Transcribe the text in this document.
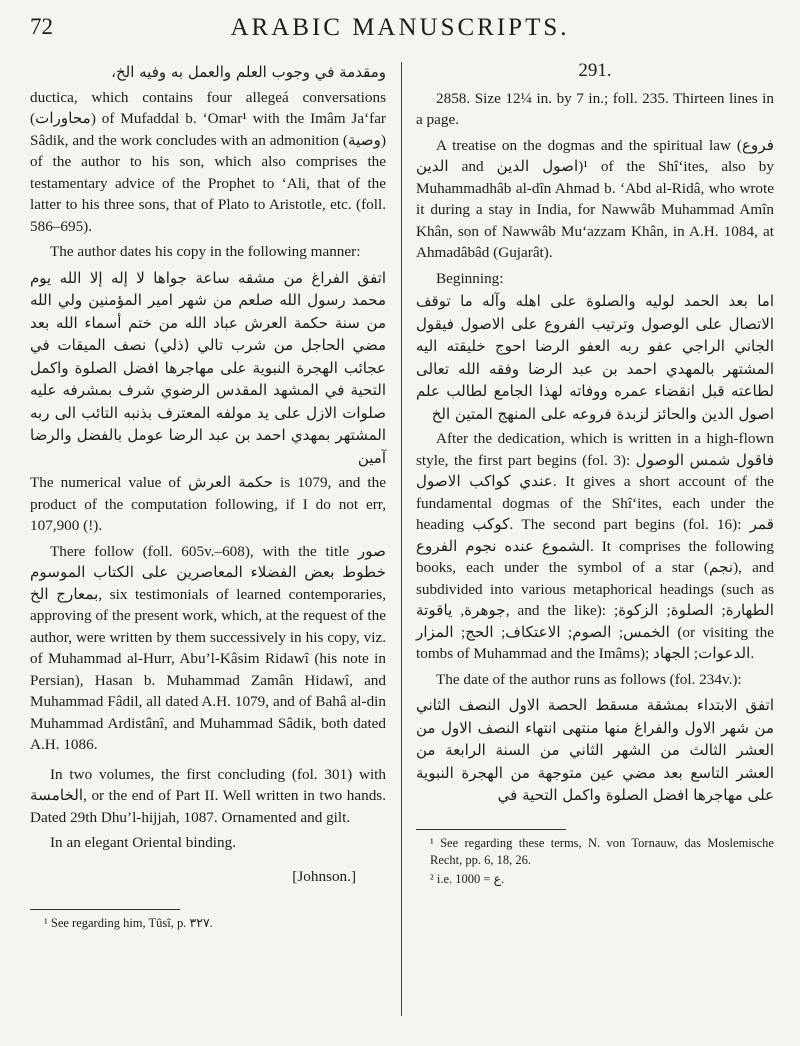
72	ARABIC MANUSCRIPTS.

ومقدمة في وجوب العلم والعمل به وفيه الخ،

ductica, which contains four allegeá conversations (محاورات) of Mufaddal b. ‘Omar¹ with the Imâm Ja‘far Sâdik, and the work concludes with an admonition (وصية) of the author to his son, which also comprises the testamentary advice of the Prophet to ‘Ali, that of the latter to his three sons, that of Plato to Aristotle, etc. (foll. 586–695).

The author dates his copy in the following manner:

اتفق الفراغ من مشقه ساعة جواها لا إله إلا الله يوم محمد رسول الله صلعم من شهر امير المؤمنين ولي الله من سنة حكمة العرش عباد الله من ختم أسماء الله بعد مضي الحاجل من شرب تالي (ذلي) نصف الميقات في عجائب الهجرة النبوية على مهاجرها افضل الصلوة واكمل التحية في المشهد المقدس الرضوي شرف بمشرفه عليه صلوات الازل على يد مولفه المعترف بذنبه التائب الى ربه المشتهر بمهدي احمد بن عبد الرضا عومل بالفضل والرضا آمين

The numerical value of حكمة العرش is 1079, and the product of the computation following, if I do not err, 107,900 (!).

There follow (foll. 605v.–608), with the title صور خطوط بعض الفضلاء المعاصرين على الكتاب الموسوم بمعارج الخ, six testimonials of learned contemporaries, approving of the present work, which, at the request of the author, were written by them successively in his copy, viz. of Muhammad al-Hurr, Abu’l-Kâsim Ridawî (his note in Persian), Hasan b. Muhammad Zamân Hidawî, and Muhammad Fâdil, all dated A.H. 1079, and of Bahâ al-din Muhammad Ardistânî, and Muhammad Sâdik, both dated A.H. 1086.

In two volumes, the first concluding (fol. 301) with الخامسة, or the end of Part II. Well written in two hands. Dated 29th Dhu’l-hijjah, 1087. Ornamented and gilt.

In an elegant Oriental binding.

[Johnson.]

¹ See regarding him, Tûsî, p. ٣٢٧.

291.

2858. Size 12¼ in. by 7 in.; foll. 235. Thirteen lines in a page.

A treatise on the dogmas and the spiritual law (فروع الدين and اصول الدين)¹ of the Shî‘ites, also by Muhammadhâb al-dîn Ahmad b. ‘Abd al-Ridâ, who wrote it during a stay in India, for Nawwâb Muhammad Amîn Khân, son of Nawwâb Mu‘azzam Khân, in A.H. 1084, at Ahmadâbâd (Gujarât).

Beginning:

اما بعد الحمد لوليه والصلوة على اهله وآله ما توقف الاتصال على الوصول وترتيب الفروع على الاصول فيقول الجاني الراجي عفو ربه العفو الرضا احوج خليقته اليه المشتهر بالمهدي احمد بن عبد الرضا وفقه الله تعالى لطاعته قبل انقضاء عمره ووفاته لهذا الجامع لطالب علم اصول الدين والحائز لزبدة فروعه على المنهج المتين الخ

After the dedication, which is written in a high-flown style, the first part begins (fol. 3): فاقول شمس الوصول عندي كواكب الاصول. It gives a short account of the fundamental dogmas of the Shî‘ites, each under the heading كوكب. The second part begins (fol. 16): قمر الشموع عنده نجوم الفروع. It comprises the following books, each under the symbol of a star (نجم), and subdivided into various metaphorical headings (such as جوهرة, ياقوتة, and the like): الطهارة; الصلوة; الزكوة; الخمس; الصوم; الاعتكاف; الحج; المزار (or visiting the tombs of Muhammad and the Imâms); الدعوات; الجهاد.

The date of the author runs as follows (fol. 234v.):

اتفق الابتداء بمشقة مسقط الحصة الاول النصف الثاني من شهر الاول والفراغ منها منتهى انتهاء النصف الاول من العشر الثالث من الشهر الثاني من السنة الرابعة من العشر التاسع بعد مضي عين متوجهة من الهجرة النبوية على مهاجرها افضل الصلوة واكمل التحية في

¹ See regarding these terms, N. von Tornauw, das Moslemische Recht, pp. 6, 18, 26.

² i.e. ع = 1000.
